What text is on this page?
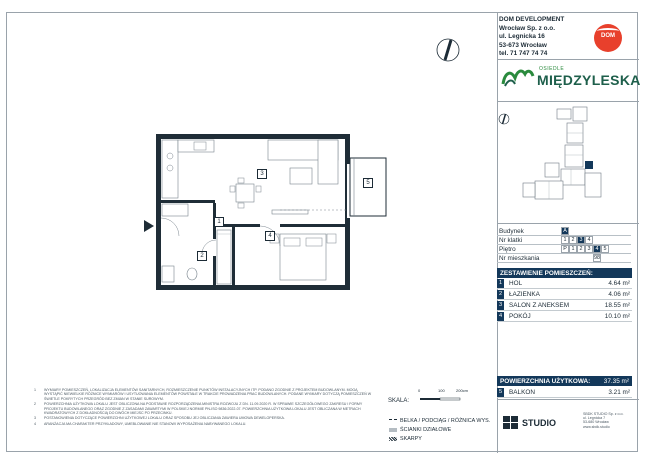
DOM DEVELOPMENT
Wrocław Sp. z o.o.
ul. Legnicka 16
53-673 Wrocław
tel. 71 747 74 74
DOM
OSIEDLE
MIĘDZYLESKA
3
1
2
4
5
Budynek	A
Nr klatki	1 2 3 4
Piętro	P 1 2 3 4 5
Nr mieszkania	98
ZESTAWIENIE POMIESZCZEŃ:
1	HOL	4.64 m²
2	ŁAZIENKA	4.06 m²
3	SALON Z ANEKSEM	18.55 m²
4	POKÓJ	10.10 m²
POWIERZCHNIA UŻYTKOWA: 37.35 m²
5	BALKON	3.21 m²
1 WYMIARY POMIESZCZEŃ, LOKALIZACJA ELEMENTÓW SANITARNYCH, ROZMIESZCZENIE PUNKTÓW INSTALACYJNYCH ITP. PODANO ZGODNIE Z PROJEKTEM BUDOWLANYM. MOGĄ WYSTĄPIĆ NIEWIELKIE RÓŻNICE WYMIARÓW I USYTUOWANIA ELEMENTÓW POWSTAŁE W TRAKCIE PROWADZENIA PRAC BUDOWLANYCH. PODANE WYMIARY DOTYCZĄ POMIESZCZEŃ W ŚWIETLE POKRYTYCH PRZEGRÓD BEZ ZMIAN W STANIE SUROWYM.
2 POWIERZCHNIA UŻYTKOWA LOKALU JEST OBLICZONA NA PODSTAWIE ROZPORZĄDZENIA MINISTRA ROZWOJU Z DN. 11.09.2020 R. W SPRAWIE SZCZEGÓŁOWEGO ZAKRESU I FORMY PROJEKTU BUDOWLANEGO ORAZ ZGODNIE Z ZASADAMI ZAWARTYMI W POLSKIEJ NORMIE PN-ISO 9836:2022-07. POWIERZCHNIA UŻYTKOWA LOKALU JEST OBLICZANA W METRACH KWADRATOWYCH Z DOKŁADNOŚCIĄ DO DWÓCH MIEJSC PO PRZECINKU.
3 POSTANOWIENIA DOTYCZĄCE POWIERZCHNI UŻYTKOWEJ LOKALU ORAZ SPOSOBU JEJ OBLICZANIA ZAWIERA UMOWA DEWELOPERSKA.
4 ARANŻACJA MA CHARAKTER PRZYKŁADOWY, UMEBLOWANIE NIE STANOWI WYPOSAŻENIA NABYWANEGO LOKALU.
SKALA:
0	100	200cm
BELKA / PODCIĄG / RÓŻNICA WYS.
ŚCIANKI DZIAŁOWE
SKARPY
STUDIO
SBDK STUDIO Sp. z o.o.
ul. Legnicka 7
53-680 Wrocław
www.sbdk.studio
